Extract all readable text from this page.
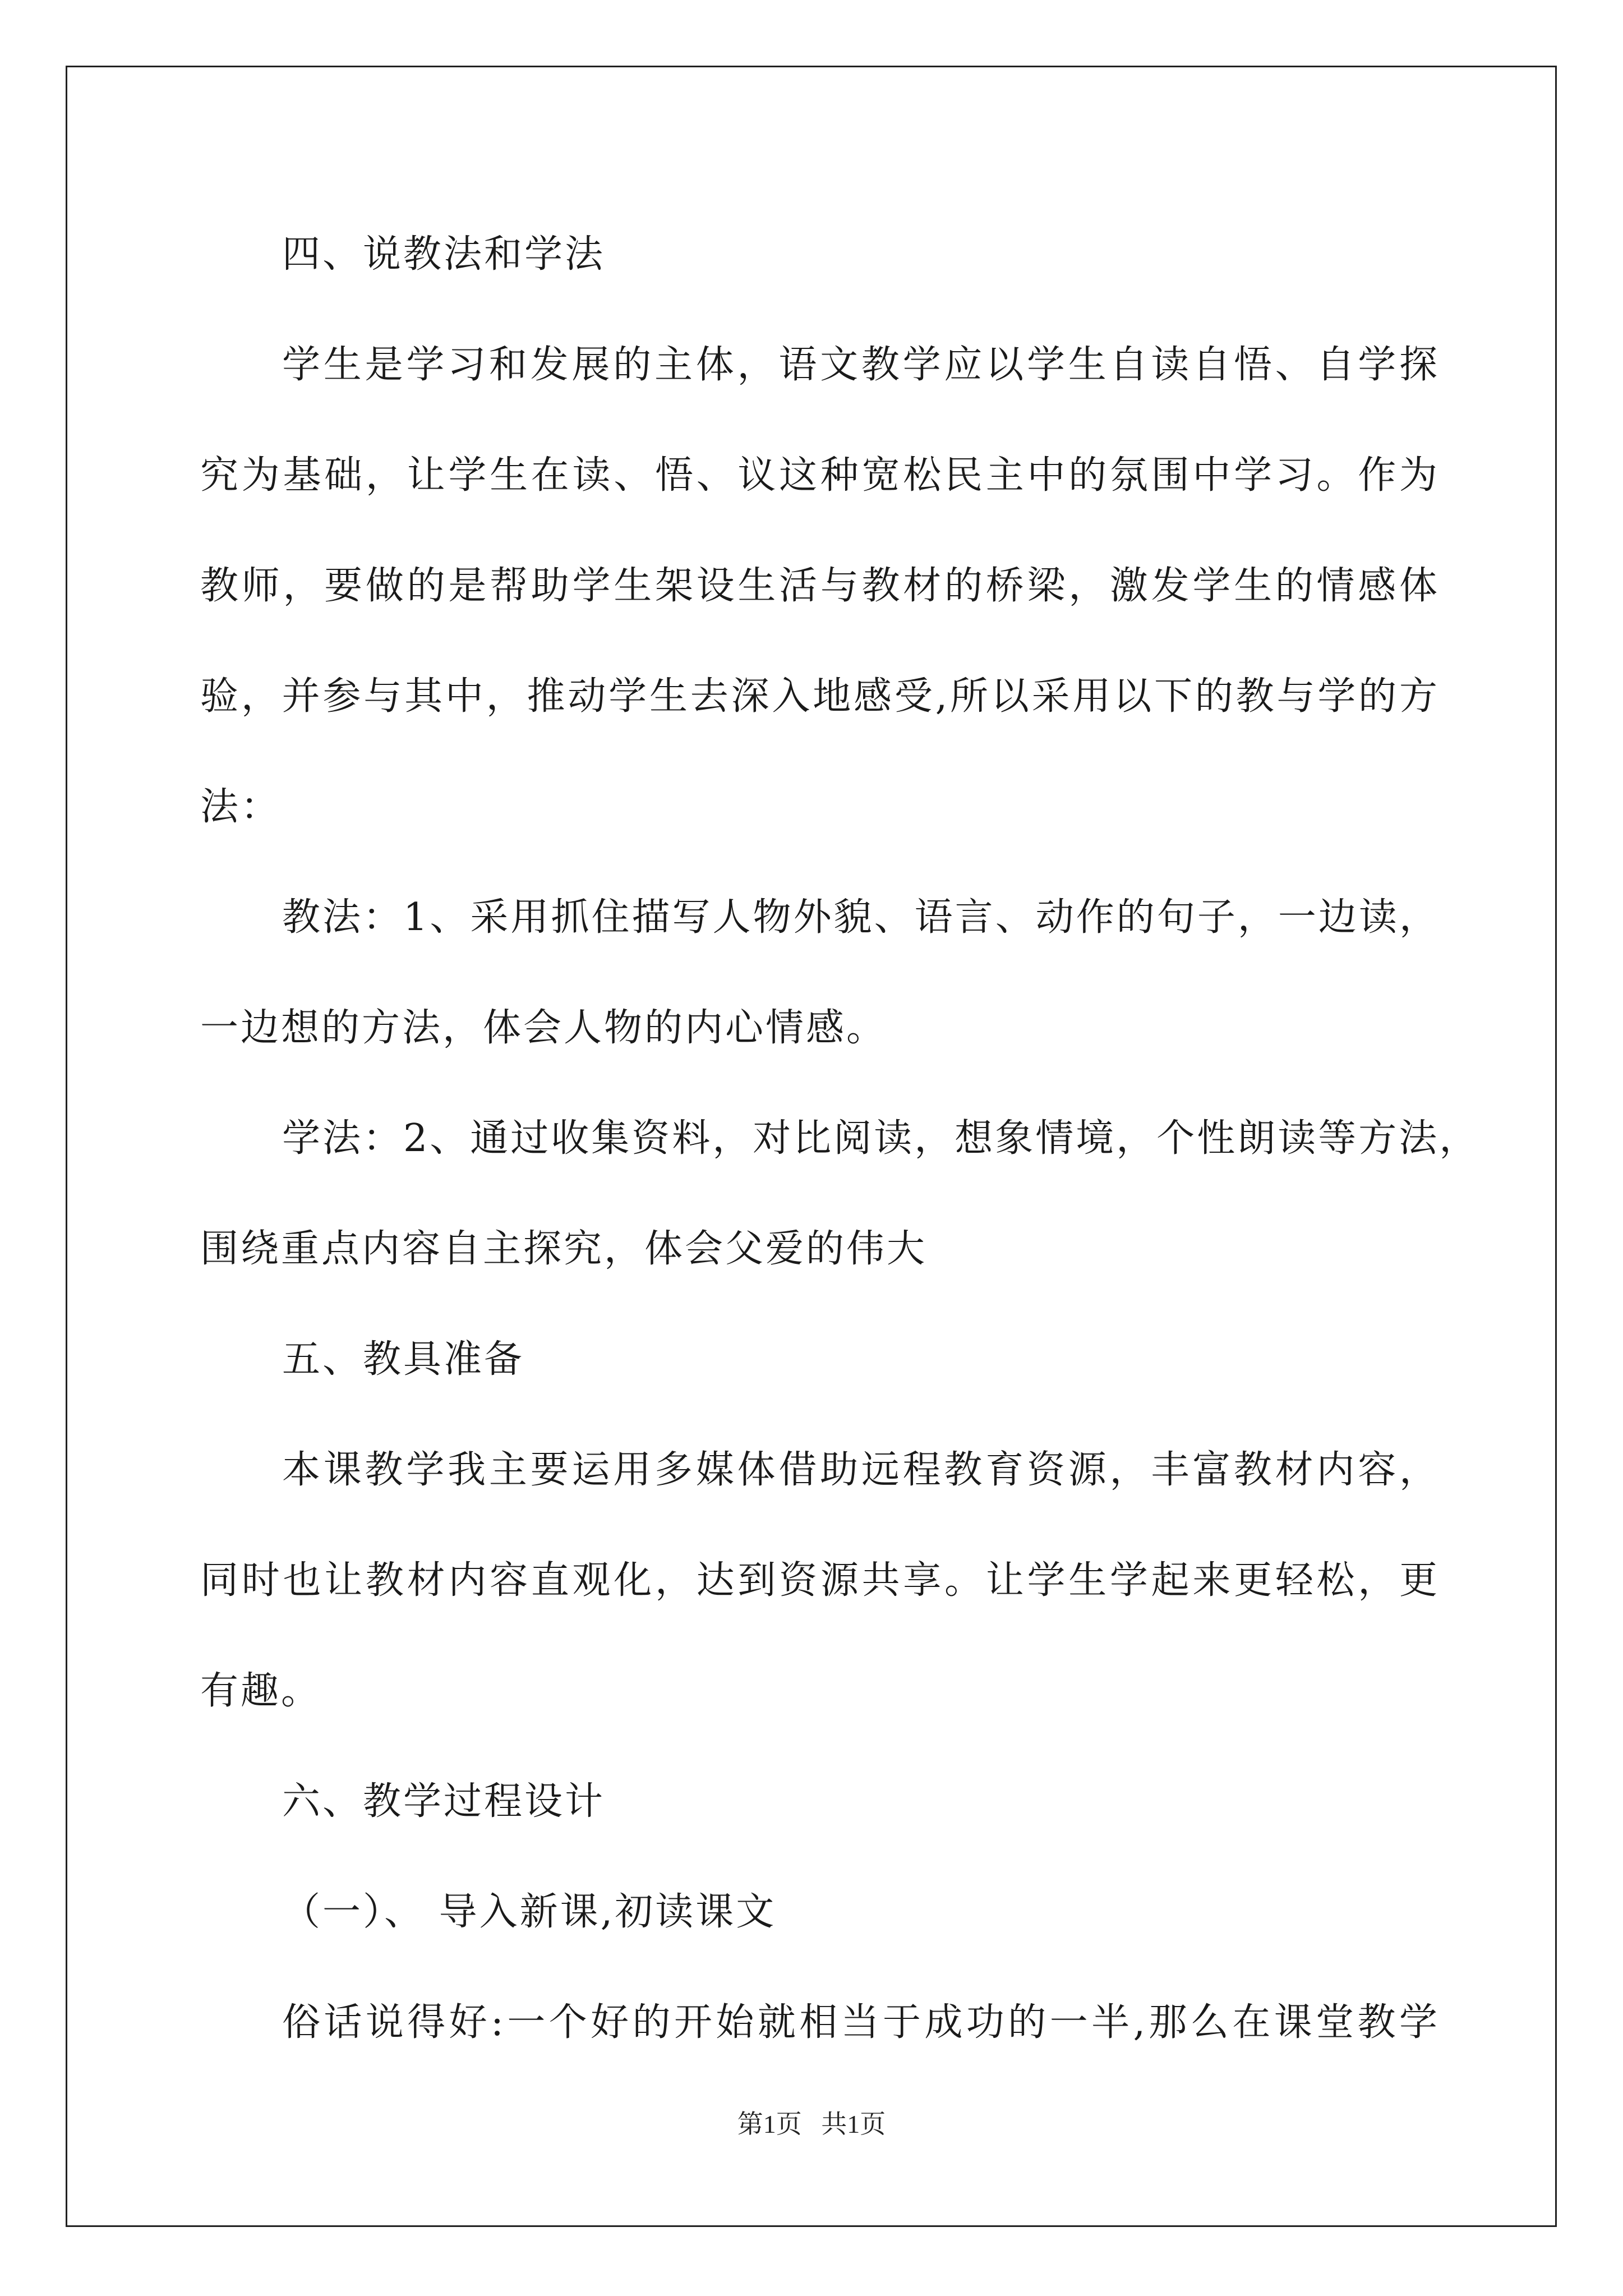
四、说教法和学法
学生是学习和发展的主体，语文教学应以学生自读自悟、自学探
究为基础，让学生在读、悟、议这种宽松民主中的氛围中学习。作为
教师，要做的是帮助学生架设生活与教材的桥梁，激发学生的情感体
验，并参与其中，推动学生去深入地感受,所以采用以下的教与学的方
法：
教法：1、采用抓住描写人物外貌、语言、动作的句子，一边读，
一边想的方法，体会人物的内心情感。
学法：2、通过收集资料，对比阅读，想象情境，个性朗读等方法，
围绕重点内容自主探究，体会父爱的伟大
五、教具准备
本课教学我主要运用多媒体借助远程教育资源，丰富教材内容，
同时也让教材内容直观化，达到资源共享。让学生学起来更轻松，更
有趣。
六、教学过程设计
（一）、 导入新课,初读课文
俗话说得好:一个好的开始就相当于成功的一半,那么在课堂教学
第1页   共1页
